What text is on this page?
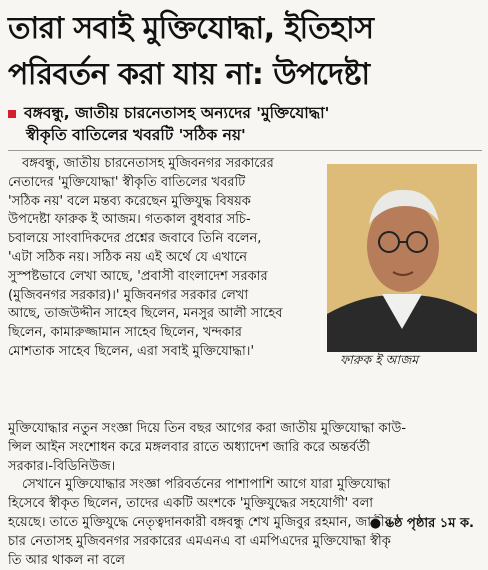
তারা সবাই মুক্তিযোদ্ধা, ইতিহাস
পরিবর্তন করা যায় না: উপদেষ্টা
বঙ্গবন্ধু, জাতীয় চারনেতাসহ অন্যদের 'মুক্তিযোদ্ধা'
স্বীকৃতি বাতিলের খবরটি 'সঠিক নয়'
বঙ্গবন্ধু, জাতীয় চারনেতাসহ মুজিবনগর সরকারের
নেতাদের 'মুক্তিযোদ্ধা' স্বীকৃতি বাতিলের খবরটি
'সঠিক নয়' বলে মন্তব্য করেছেন মুক্তিযুদ্ধ বিষয়ক
উপদেষ্টা ফারুক ই আজম। গতকাল বুধবার সচি-
চবালয়ে সাংবাদিকদের প্রশ্নের জবাবে তিনি বলেন,
'এটা সঠিক নয়। সঠিক নয় এই অর্থে যে এখানে
সুস্পষ্টভাবে লেখা আছে, 'প্রবাসী বাংলাদেশ সরকার
(মুজিবনগর সরকার)।' মুজিবনগর সরকার লেখা
আছে, তাজউদ্দীন সাহেব ছিলেন, মনসুর আলী সাহেব
ছিলেন, কামারুজ্জামান সাহেব ছিলেন, খন্দকার
মোশতাক সাহেব ছিলেন, এরা সবাই মুক্তিযোদ্ধা।'
ফারুক ই আজম
মুক্তিযোদ্ধার নতুন সংজ্ঞা দিয়ে তিন বছর আগের করা জাতীয় মুক্তিযোদ্ধা কাউ-
ন্সিল আইন সংশোধন করে মঙ্গলবার রাতে অধ্যাদেশ জারি করে অন্তর্বর্তী
সরকার।-বিডিনিউজ।
সেখানে মুক্তিযোদ্ধার সংজ্ঞা পরিবর্তনের পাশাপাশি আগে যারা মুক্তিযোদ্ধা
হিসেবে স্বীকৃত ছিলেন, তাদের একটি অংশকে 'মুক্তিযুদ্ধের সহযোগী' বলা
হয়েছে। তাতে মুক্তিযুদ্ধে নেতৃত্বদানকারী বঙ্গবন্ধু শেখ মুজিবুর রহমান, জাতীয়
চার নেতাসহ মুজিবনগর সরকারের এমএনএ বা এমপিএদের মুক্তিযোদ্ধা স্বীকৃ
তি আর থাকল না বলে
● ৬ষ্ঠ পৃষ্ঠার ১ম ক.
